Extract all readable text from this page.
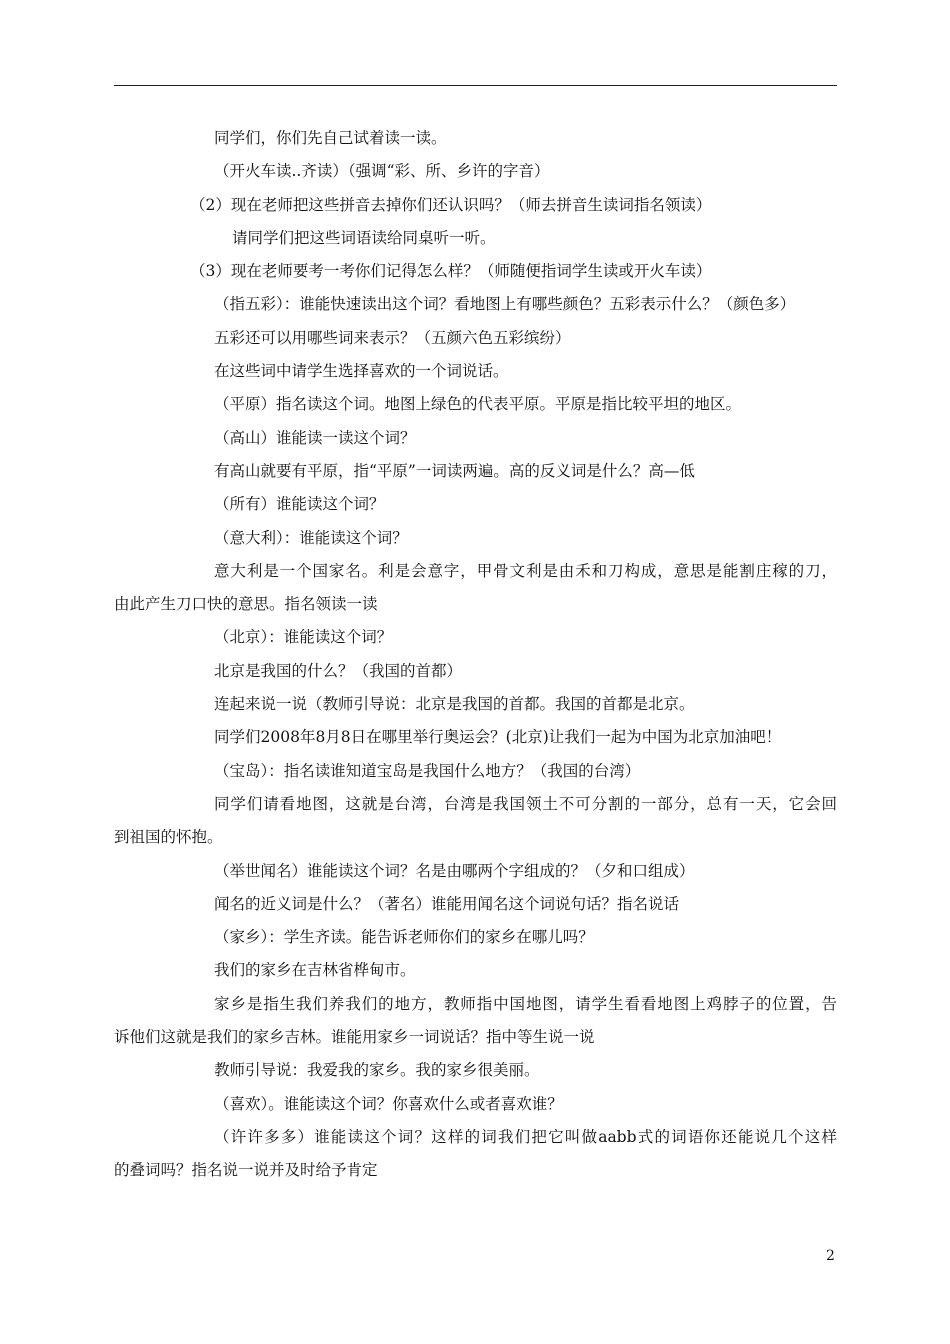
同学们，你们先自己试着读一读。
（开火车读..齐读）（强调“彩、所、乡许的字音）
（2）现在老师把这些拼音去掉你们还认识吗？（师去拼音生读词指名领读）
请同学们把这些词语读给同桌听一听。
（3）现在老师要考一考你们记得怎么样？（师随便指词学生读或开火车读）
（指五彩）：谁能快速读出这个词？看地图上有哪些颜色？五彩表示什么？（颜色多）
五彩还可以用哪些词来表示？（五颜六色五彩缤纷）
在这些词中请学生选择喜欢的一个词说话。
（平原）指名读这个词。地图上绿色的代表平原。平原是指比较平坦的地区。
（高山）谁能读一读这个词？
有高山就要有平原，指“平原”一词读两遍。高的反义词是什么？高—低
（所有）谁能读这个词？
（意大利）：谁能读这个词？
意大利是一个国家名。利是会意字，甲骨文利是由禾和刀构成，意思是能割庄稼的刀，
由此产生刀口快的意思。指名领读一读
（北京）：谁能读这个词？
北京是我国的什么？（我国的首都）
连起来说一说（教师引导说：北京是我国的首都。我国的首都是北京。
同学们2008年8月8日在哪里举行奥运会？(北京)让我们一起为中国为北京加油吧！
（宝岛）：指名读谁知道宝岛是我国什么地方？（我国的台湾）
同学们请看地图，这就是台湾，台湾是我国领土不可分割的一部分，总有一天，它会回
到祖国的怀抱。
（举世闻名）谁能读这个词？名是由哪两个字组成的？（夕和口组成）
闻名的近义词是什么？（著名）谁能用闻名这个词说句话？指名说话
（家乡）：学生齐读。能告诉老师你们的家乡在哪儿吗？
我们的家乡在吉林省桦甸市。
家乡是指生我们养我们的地方，教师指中国地图，请学生看看地图上鸡脖子的位置，告
诉他们这就是我们的家乡吉林。谁能用家乡一词说话？指中等生说一说
教师引导说：我爱我的家乡。我的家乡很美丽。
（喜欢）。谁能读这个词？你喜欢什么或者喜欢谁？
（许许多多）谁能读这个词？这样的词我们把它叫做aabb式的词语你还能说几个这样
的叠词吗？指名说一说并及时给予肯定
2
